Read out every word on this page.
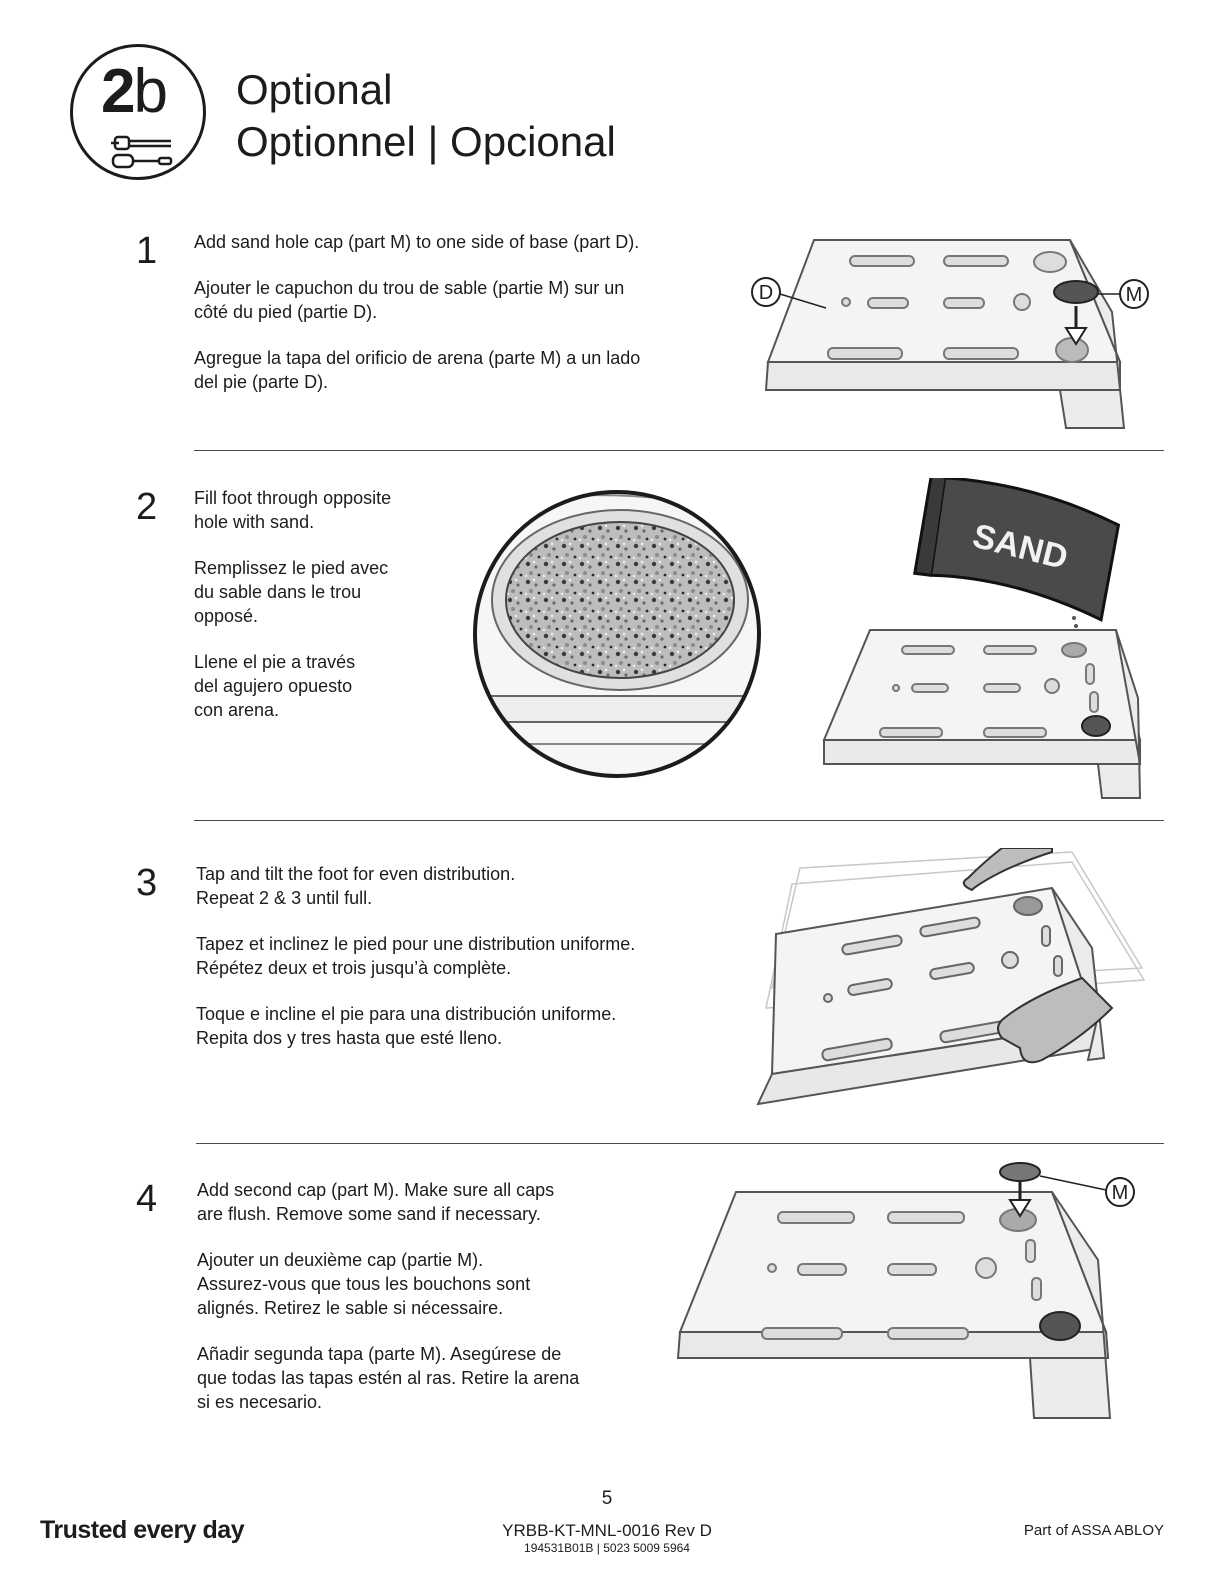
2b Optional
Optionnel | Opcional
1 Add sand hole cap (part M) to one side of base (part D).

Ajouter le capuchon du trou de sable (partie M) sur un
côté du pied (partie D).

Agregue la tapa del orificio de arena (parte M) a un lado
del pie (parte D).

D	M
2 Fill foot through opposite
hole with sand.

Remplissez le pied avec
du sable dans le trou
opposé.

Llene el pie a través
del agujero opuesto
con arena.

SAND
3 Tap and tilt the foot for even distribution.
Repeat 2 & 3 until full.

Tapez et inclinez le pied pour une distribution uniforme.
Répétez deux et trois jusqu’à complète.

Toque e incline el pie para una distribución uniforme.
Repita dos y tres hasta que esté lleno.

4 Add second cap (part M). Make sure all caps
are flush. Remove some sand if necessary.

Ajouter un deuxième cap (partie M).
Assurez-vous que tous les bouchons sont
alignés. Retirez le sable si nécessaire.

Añadir segunda tapa (parte M). Asegúrese de
que todas las tapas estén al ras. Retire la arena
si es necesario.

M
5
Trusted every day	YRBB-KT-MNL-0016 Rev D
194531B01B | 5023 5009 5964
Part of ASSA ABLOY
